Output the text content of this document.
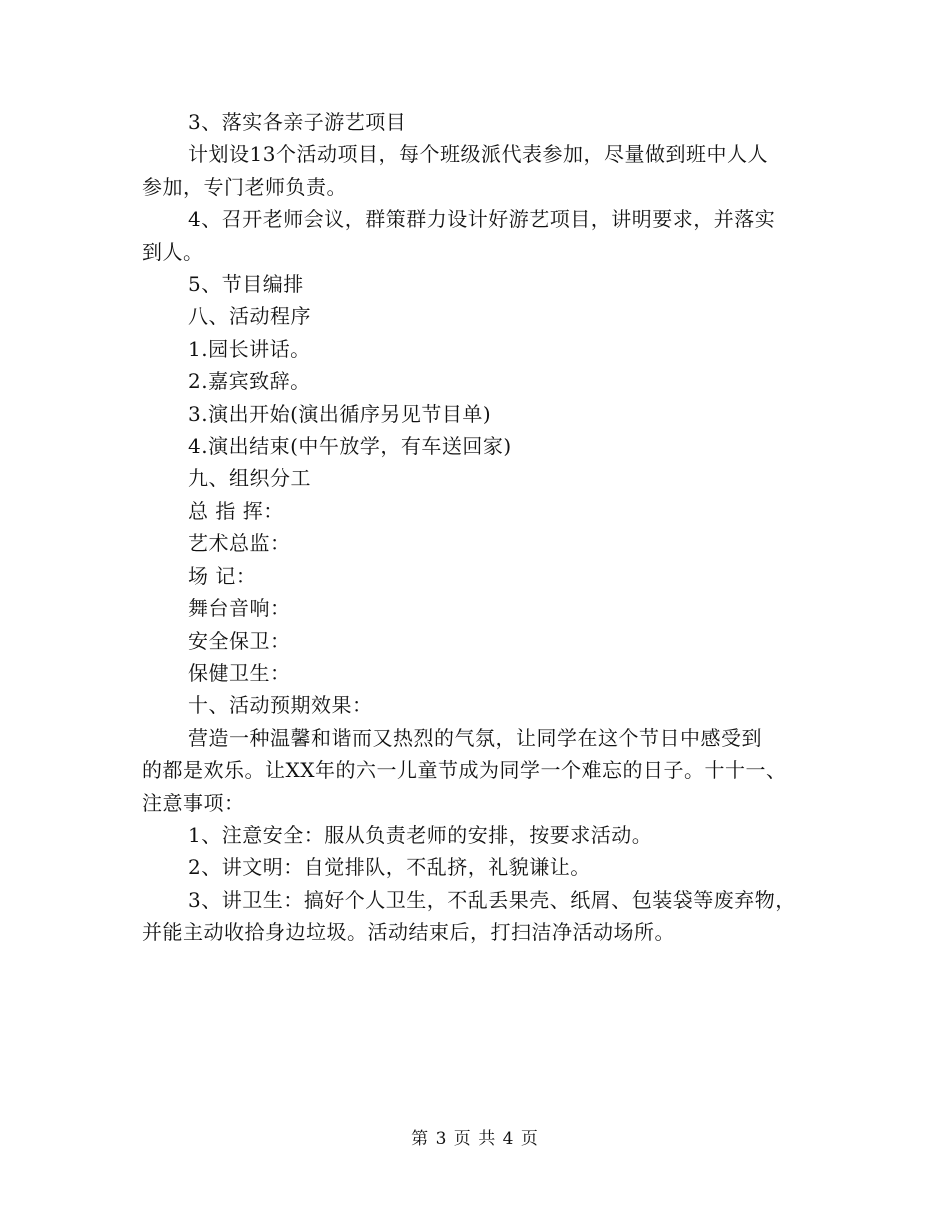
3、落实各亲子游艺项目
计划设13个活动项目，每个班级派代表参加，尽量做到班中人人
参加，专门老师负责。
4、召开老师会议，群策群力设计好游艺项目，讲明要求，并落实
到人。
5、节目编排
八、活动程序
1.园长讲话。
2.嘉宾致辞。
3.演出开始(演出循序另见节目单)
4.演出结束(中午放学，有车送回家)
九、组织分工
总 指 挥：
艺术总监：
场 记：
舞台音响：
安全保卫：
保健卫生：
十、活动预期效果：
营造一种温馨和谐而又热烈的气氛，让同学在这个节日中感受到
的都是欢乐。让XX年的六一儿童节成为同学一个难忘的日子。十十一、
注意事项：
1、注意安全：服从负责老师的安排，按要求活动。
2、讲文明：自觉排队，不乱挤，礼貌谦让。
3、讲卫生：搞好个人卫生，不乱丢果壳、纸屑、包装袋等废弃物，
并能主动收拾身边垃圾。活动结束后，打扫洁净活动场所。
第 3 页 共 4 页
